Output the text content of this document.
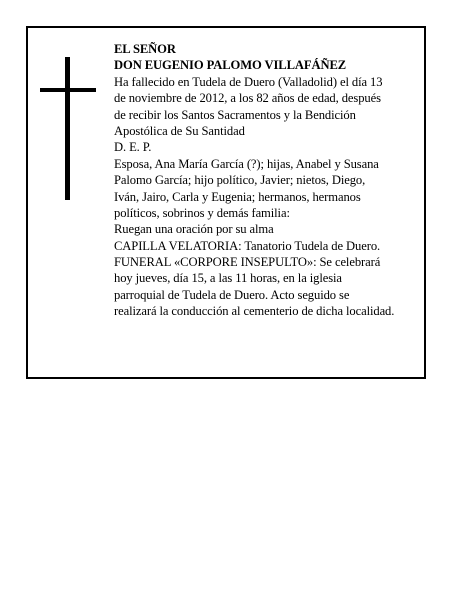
EL SEÑOR
DON EUGENIO PALOMO VILLAFÁÑEZ
Ha fallecido en Tudela de Duero (Valladolid) el día 13
de noviembre de 2012, a los 82 años de edad, después
de recibir los Santos Sacramentos y la Bendición
Apostólica de Su Santidad
D. E. P.
Esposa, Ana María García (?); hijas, Anabel y Susana
Palomo García; hijo político, Javier; nietos, Diego,
Iván, Jairo, Carla y Eugenia; hermanos, hermanos
políticos, sobrinos y demás familia:
Ruegan una oración por su alma
CAPILLA VELATORIA: Tanatorio Tudela de Duero.
FUNERAL «CORPORE INSEPULTO»: Se celebrará
hoy jueves, día 15, a las 11 horas, en la iglesia
parroquial de Tudela de Duero. Acto seguido se
realizará la conducción al cementerio de dicha localidad.
